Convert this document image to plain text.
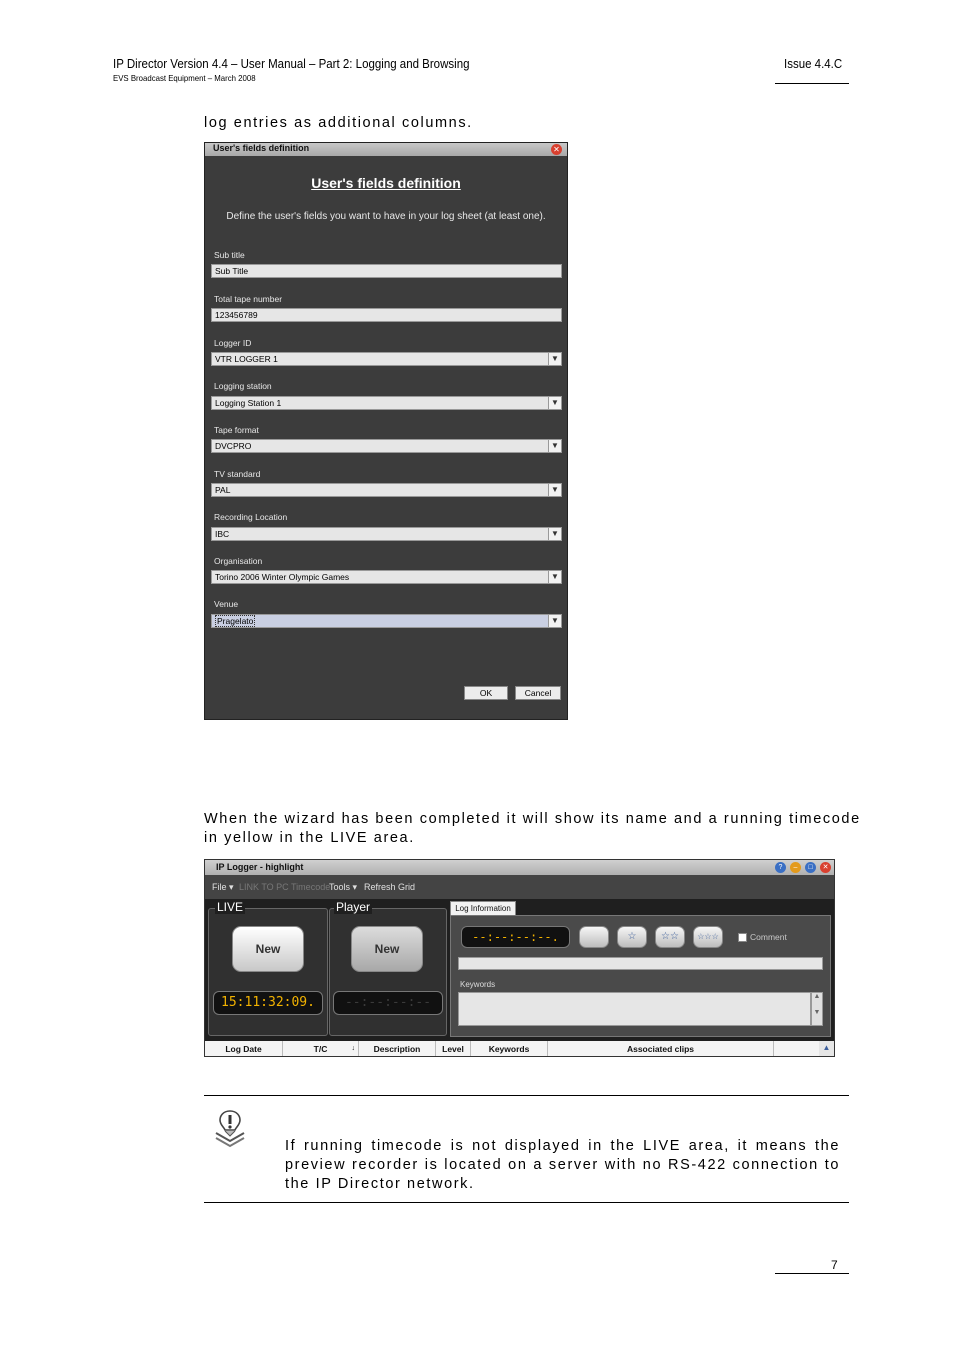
IP Director Version 4.4 – User Manual – Part 2: Logging and Browsing
EVS Broadcast Equipment – March 2008
Issue 4.4.C
log entries as additional columns.
User's fields definition	✕
User's fields definition
Define the user's fields you want to have in your log sheet (at least one).
Sub title
Sub Title
Total tape number
123456789
Logger ID
VTR LOGGER 1	▼
Logging station
Logging Station 1	▼
Tape format
DVCPRO	▼
TV standard
PAL	▼
Recording Location
IBC	▼
Organisation
Torino 2006 Winter Olympic Games	▼
Venue
Pragelato	▼
OK	Cancel
When the wizard has been completed it will show its name and a running timecode
in yellow in the LIVE area.
IP Logger - highlight	?	–	□	✕
File ▾ LINK TO PC Timecode
Tools ▾ Refresh Grid
LIVE
New
15:11:32:09.
Player
New
--:--:--:--
Log Information
--:--:--:--.	☆	☆☆	☆☆☆	Comment
Keywords
▲

▼
Log Date	T/C	↓	Description	Level	Keywords	Associated clips	▲
If running timecode is not displayed in the LIVE area, it means the preview recorder is located on a server with no RS-422 connection to the IP Director network.
7
